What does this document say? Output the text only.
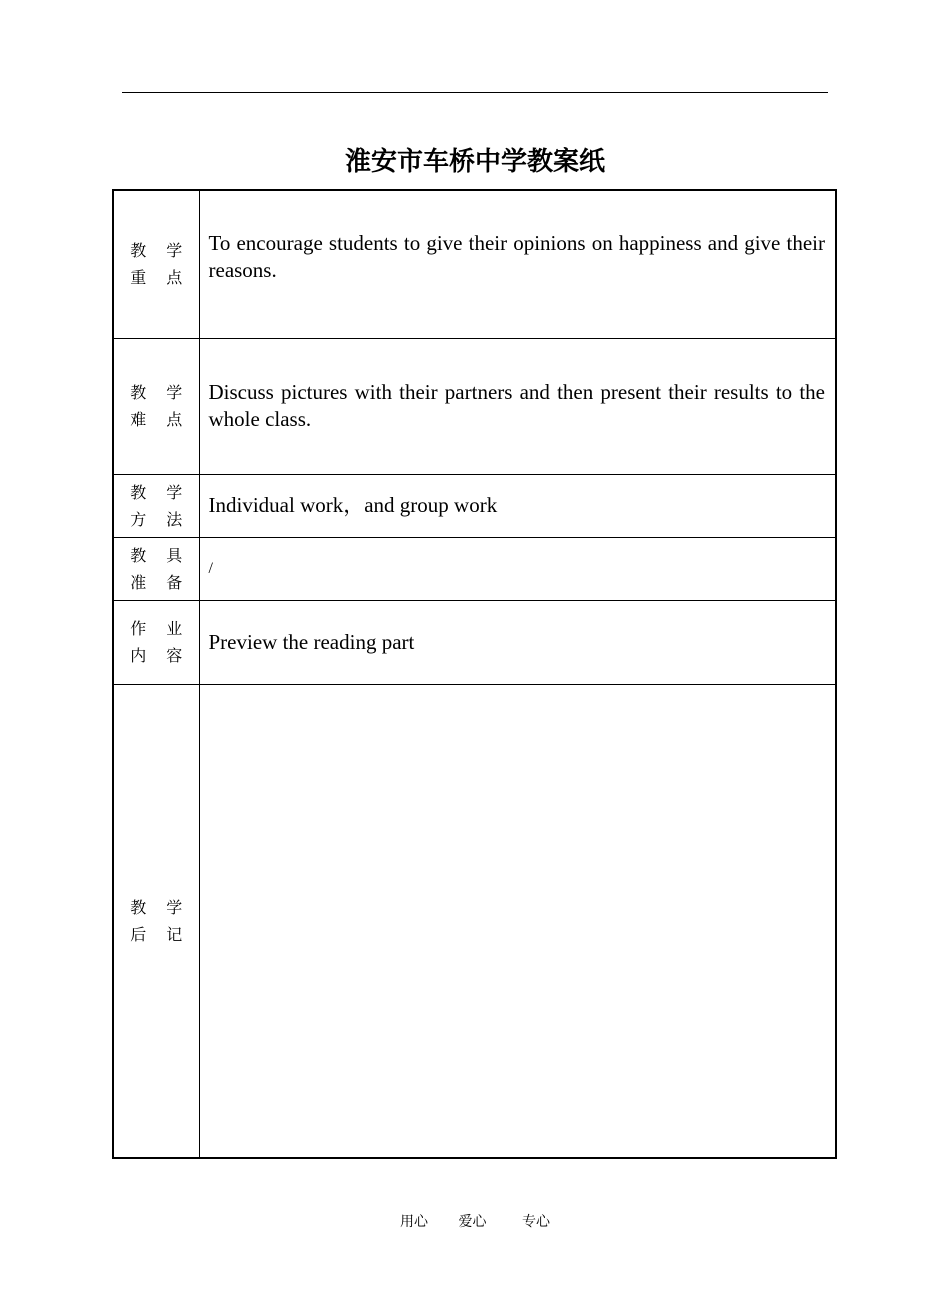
淮安市车桥中学教案纸
教 学
重 点	To encourage students to give their opinions on happiness and give their reasons.

教 学
难 点	Discuss pictures with their partners and then present their results to the whole class.

教 学
方 法	Individual work，and group work

教 具
准 备	/

作 业
内 容	Preview the reading part

教 学
后 记	

用心 爱心	专心
